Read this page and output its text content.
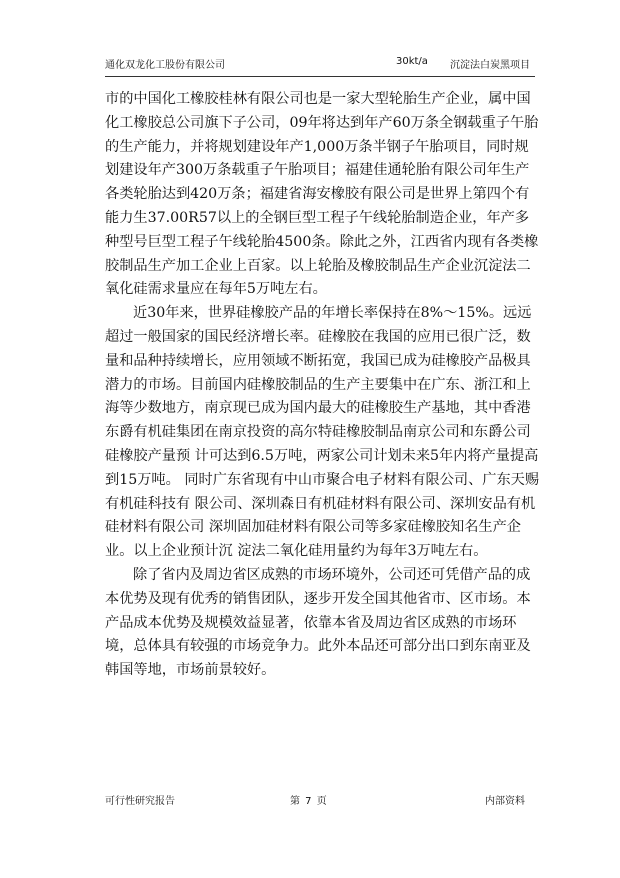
通化双龙化工股份有限公司	30kt/a 沉淀法白炭黑项目

市的中国化工橡胶桂林有限公司也是一家大型轮胎生产企业，属中国化工橡胶总公司旗下子公司，09年将达到年产60万条全钢载重子午胎的生产能力，并将规划建设年产1,000万条半钢子午胎项目，同时规划建设年产300万条载重子午胎项目；福建佳通轮胎有限公司年生产各类轮胎达到420万条；福建省海安橡胶有限公司是世界上第四个有能力生37.00R57以上的全钢巨型工程子午线轮胎制造企业，年产多种型号巨型工程子午线轮胎4500条。除此之外，江西省内现有各类橡胶制品生产加工企业上百家。以上轮胎及橡胶制品生产企业沉淀法二氧化硅需求量应在每年5万吨左右。

近30年来，世界硅橡胶产品的年增长率保持在8%～15%。远远超过一般国家的国民经济增长率。硅橡胶在我国的应用已很广泛，数量和品种持续增长，应用领域不断拓宽，我国已成为硅橡胶产品极具潜力的市场。目前国内硅橡胶制品的生产主要集中在广东、浙江和上海等少数地方，南京现已成为国内最大的硅橡胶生产基地，其中香港东爵有机硅集团在南京投资的高尔特硅橡胶制品南京公司和东爵公司硅橡胶产量预 计可达到6.5万吨，两家公司计划未来5年内将产量提高到15万吨。 同时广东省现有中山市聚合电子材料有限公司、广东天赐有机硅科技有 限公司、深圳森日有机硅材料有限公司、深圳安品有机硅材料有限公司 深圳固加硅材料有限公司等多家硅橡胶知名生产企业。以上企业预计沉 淀法二氧化硅用量约为每年3万吨左右。

除了省内及周边省区成熟的市场环境外，公司还可凭借产品的成本优势及现有优秀的销售团队，逐步开发全国其他省市、区市场。本产品成本优势及规模效益显著，依靠本省及周边省区成熟的市场环境，总体具有较强的市场竞争力。此外本品还可部分出口到东南亚及韩国等地，市场前景较好。

可行性研究报告	第 7 页	内部资料
